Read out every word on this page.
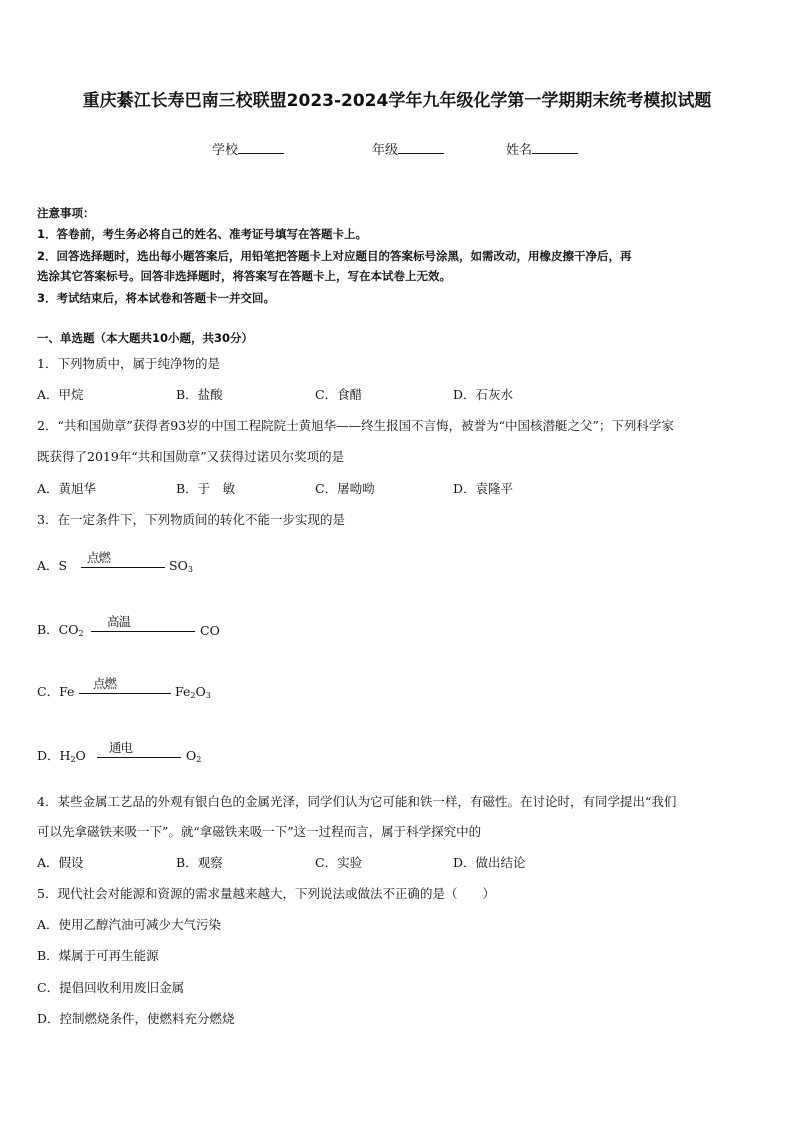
重庆綦江长寿巴南三校联盟2023-2024学年九年级化学第一学期期末统考模拟试题
学校	年级	姓名
注意事项：
1．答卷前，考生务必将自己的姓名、准考证号填写在答题卡上。
2．回答选择题时，选出每小题答案后，用铅笔把答题卡上对应题目的答案标号涂黑，如需改动，用橡皮擦干净后，再
选涂其它答案标号。回答非选择题时，将答案写在答题卡上，写在本试卷上无效。
3．考试结束后，将本试卷和答题卡一并交回。
一、单选题（本大题共10小题，共30分）
1．下列物质中，属于纯净物的是
A．甲烷	B．盐酸	C．食醋	D．石灰水
2．“共和国勋章”获得者93岁的中国工程院院士黄旭华——终生报国不言悔，被誉为“中国核潜艇之父”；下列科学家
既获得了2019年“共和国勋章”又获得过诺贝尔奖项的是
A．黄旭华	B．于　敏	C．屠呦呦	D．袁隆平
3．在一定条件下，下列物质间的转化不能一步实现的是
A．S
点燃
$SO_3$
B．$CO_2$
高温
CO
C．Fe
点燃
$Fe_2O_3$
D．$H_2O$
通电
$O_2$
4．某些金属工艺品的外观有银白色的金属光泽，同学们认为它可能和铁一样，有磁性。在讨论时，有同学提出“我们
可以先拿磁铁来吸一下”。就“拿磁铁来吸一下”这一过程而言，属于科学探究中的
A．假设	B．观察	C．实验	D．做出结论
5．现代社会对能源和资源的需求量越来越大，下列说法或做法不正确的是（　　）
A．使用乙醇汽油可减少大气污染
B．煤属于可再生能源
C．提倡回收利用废旧金属
D．控制燃烧条件，使燃料充分燃烧
